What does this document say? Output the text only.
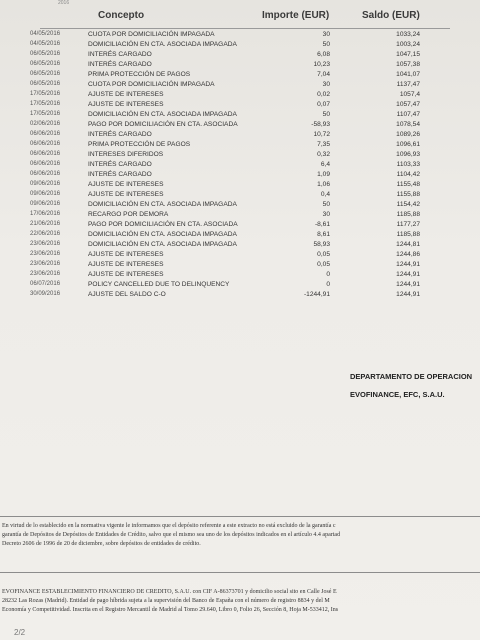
2016
Concepto	Importe (EUR)	Saldo (EUR)
04/05/2016	CUOTA POR DOMICILIACIÓN IMPAGADA	30	1033,24
04/05/2016	DOMICILIACIÓN EN CTA. ASOCIADA IMPAGADA	50	1003,24
06/05/2016	INTERÉS CARGADO	6,08	1047,15
06/05/2016	INTERÉS CARGADO	10,23	1057,38
06/05/2016	PRIMA PROTECCIÓN DE PAGOS	7,04	1041,07
06/05/2016	CUOTA POR DOMICILIACIÓN IMPAGADA	30	1137,47
17/05/2016	AJUSTE DE INTERESES	0,02	1057,4
17/05/2016	AJUSTE DE INTERESES	0,07	1057,47
17/05/2016	DOMICILIACIÓN EN CTA. ASOCIADA IMPAGADA	50	1107,47
02/06/2016	PAGO POR DOMICILIACIÓN EN CTA. ASOCIADA	-58,93	1078,54
06/06/2016	INTERÉS CARGADO	10,72	1089,26
06/06/2016	PRIMA PROTECCIÓN DE PAGOS	7,35	1096,61
06/06/2016	INTERESES DIFERIDOS	0,32	1096,93
06/06/2016	INTERÉS CARGADO	6,4	1103,33
06/06/2016	INTERÉS CARGADO	1,09	1104,42
09/06/2016	AJUSTE DE INTERESES	1,06	1155,48
09/06/2016	AJUSTE DE INTERESES	0,4	1155,88
09/06/2016	DOMICILIACIÓN EN CTA. ASOCIADA IMPAGADA	50	1154,42
17/06/2016	RECARGO POR DEMORA	30	1185,88
21/06/2016	PAGO POR DOMICILIACIÓN EN CTA. ASOCIADA	-8,61	1177,27
22/06/2016	DOMICILIACIÓN EN CTA. ASOCIADA IMPAGADA	8,61	1185,88
23/06/2016	DOMICILIACIÓN EN CTA. ASOCIADA IMPAGADA	58,93	1244,81
23/06/2016	AJUSTE DE INTERESES	0,05	1244,86
23/06/2016	AJUSTE DE INTERESES	0,05	1244,91
23/06/2016	AJUSTE DE INTERESES	0	1244,91
06/07/2016	POLICY CANCELLED DUE TO DELINQUENCY	0	1244,91
30/09/2016	AJUSTE DEL SALDO C-O	-1244,91	1244,91
DEPARTAMENTO DE OPERACION
EVOFINANCE, EFC, S.A.U.
En virtud de lo establecido en la normativa vigente le informamos que el depósito referente a este extracto no está excluido de la garantía c
garantía de Depósitos de Depósitos de Entidades de Crédito, salvo que el mismo sea uno de los depósitos indicados en el artículo 4.4 apartad
Decreto 2606 de 1996 de 20 de diciembre, sobre depósitos de entidades de crédito.
EVOFINANCE ESTABLECIMIENTO FINANCIERO DE CREDITO, S.A.U. con CIF A-86373701 y domicilio social sito en Calle José E
28232 Las Rozas (Madrid). Entidad de pago híbrida sujeta a la supervisión del Banco de España con el número de registro 8834 y del M
Economía y Competitividad. Inscrita en el Registro Mercantil de Madrid al Tomo 29.640, Libro 0, Folio 26, Sección 8, Hoja M-533412, Ins
2/2
